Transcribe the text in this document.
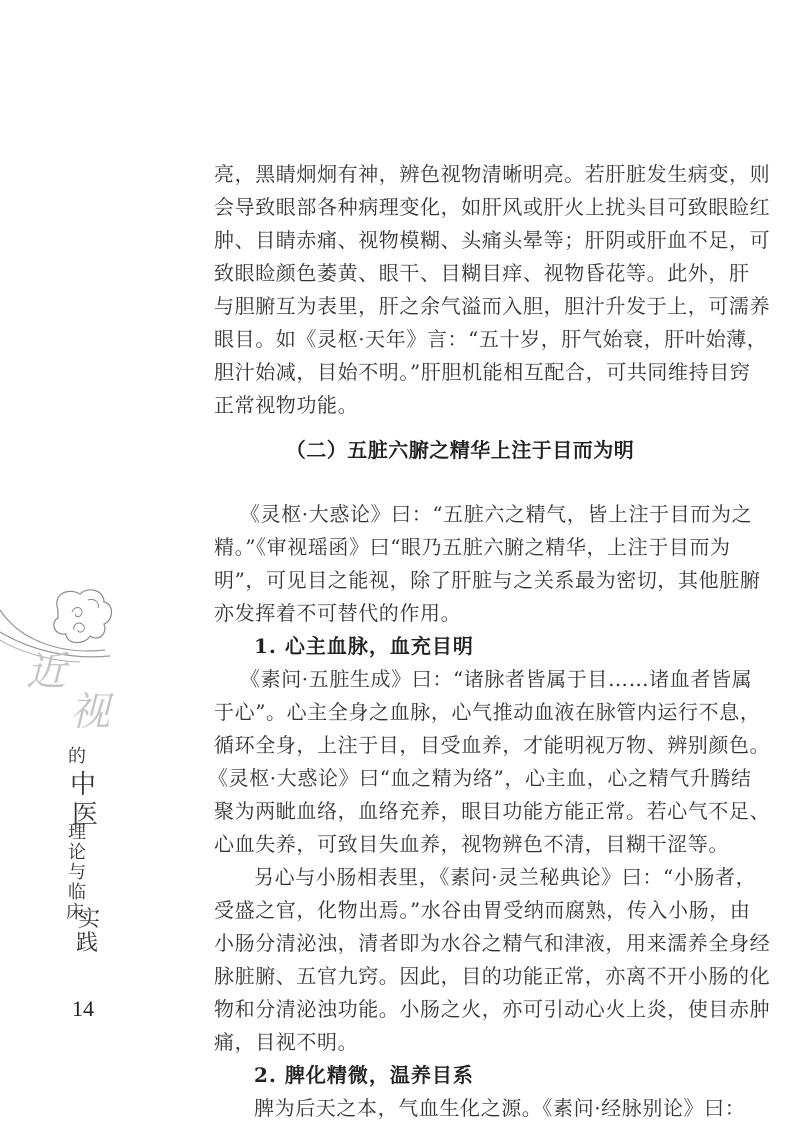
近
视
的
中
医
理
论
与
临
床
实
践
亮，黑睛炯炯有神，辨色视物清晰明亮。若肝脏发生病变，则
会导致眼部各种病理变化，如肝风或肝火上扰头目可致眼睑红
肿、目睛赤痛、视物模糊、头痛头晕等；肝阴或肝血不足，可
致眼睑颜色萎黄、眼干、目糊目痒、视物昏花等。此外，肝
与胆腑互为表里，肝之余气溢而入胆，胆汁升发于上，可濡养
眼目。如《灵枢·天年》言：“五十岁，肝气始衰，肝叶始薄，
胆汁始减，目始不明。”肝胆机能相互配合，可共同维持目窍
正常视物功能。
（二）五脏六腑之精华上注于目而为明
《灵枢·大惑论》曰：“五脏六之精气，皆上注于目而为之
精。”《审视瑶函》曰“眼乃五脏六腑之精华，上注于目而为
明”，可见目之能视，除了肝脏与之关系最为密切，其他脏腑
亦发挥着不可替代的作用。
1. 心主血脉，血充目明
《素问·五脏生成》曰：“诸脉者皆属于目……诸血者皆属
于心”。心主全身之血脉，心气推动血液在脉管内运行不息，
循环全身，上注于目，目受血养，才能明视万物、辨别颜色。
《灵枢·大惑论》曰“血之精为络”，心主血，心之精气升腾结
聚为两眦血络，血络充养，眼目功能方能正常。若心气不足、
心血失养，可致目失血养，视物辨色不清，目糊干涩等。
另心与小肠相表里，《素问·灵兰秘典论》曰：“小肠者，
受盛之官，化物出焉。”水谷由胃受纳而腐熟，传入小肠，由
小肠分清泌浊，清者即为水谷之精气和津液，用来濡养全身经
脉脏腑、五官九窍。因此，目的功能正常，亦离不开小肠的化
物和分清泌浊功能。小肠之火，亦可引动心火上炎，使目赤肿
痛，目视不明。
2. 脾化精微，温养目系
脾为后天之本，气血生化之源。《素问·经脉别论》曰：
14
